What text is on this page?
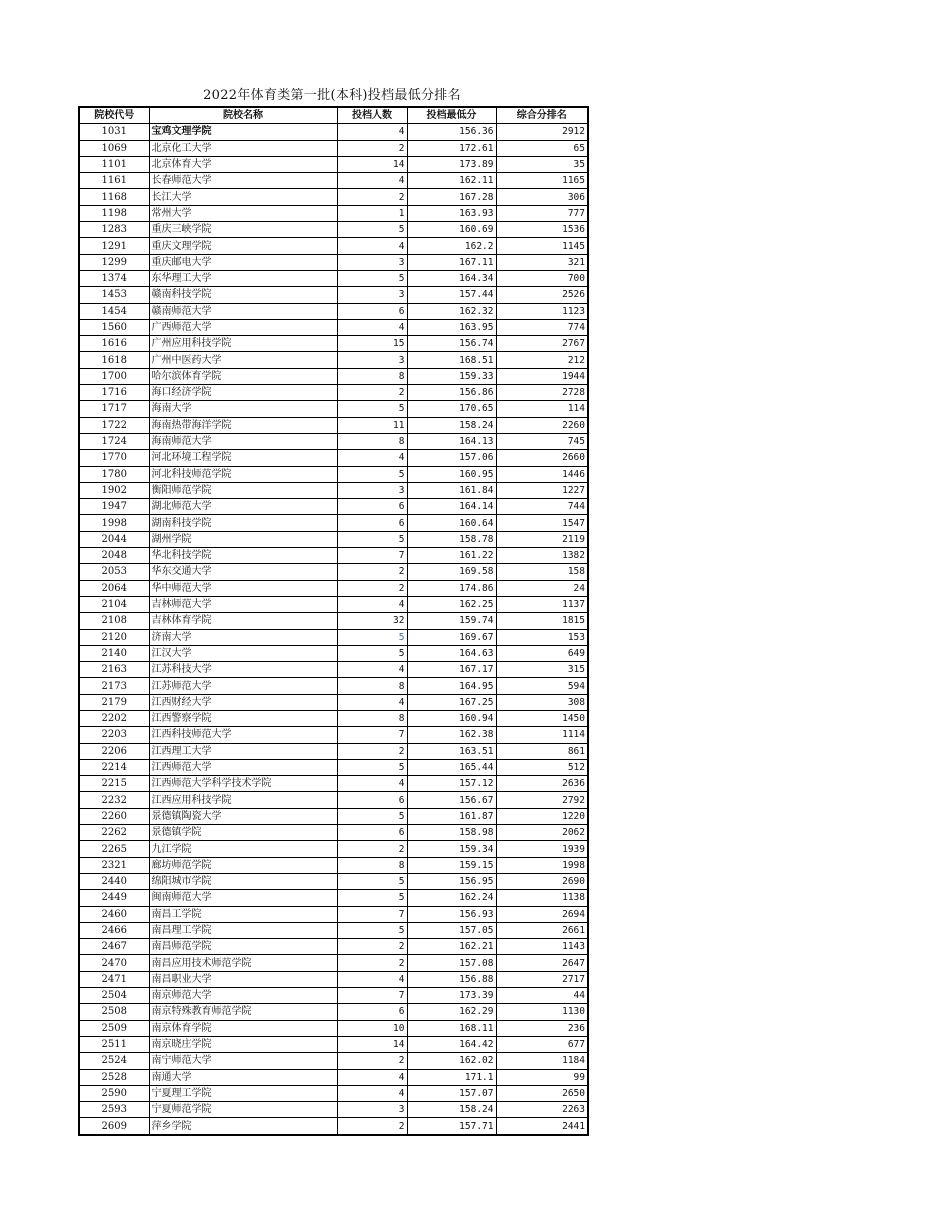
2022年体育类第一批(本科)投档最低分排名
院校代号	院校名称	投档人数	投档最低分	综合分排名
1031	宝鸡文理学院	4	156.36	2912
1069	北京化工大学	2	172.61	65
1101	北京体育大学	14	173.89	35
1161	长春师范大学	4	162.11	1165
1168	长江大学	2	167.28	306
1198	常州大学	1	163.93	777
1283	重庆三峡学院	5	160.69	1536
1291	重庆文理学院	4	162.2	1145
1299	重庆邮电大学	3	167.11	321
1374	东华理工大学	5	164.34	700
1453	赣南科技学院	3	157.44	2526
1454	赣南师范大学	6	162.32	1123
1560	广西师范大学	4	163.95	774
1616	广州应用科技学院	15	156.74	2767
1618	广州中医药大学	3	168.51	212
1700	哈尔滨体育学院	8	159.33	1944
1716	海口经济学院	2	156.86	2728
1717	海南大学	5	170.65	114
1722	海南热带海洋学院	11	158.24	2260
1724	海南师范大学	8	164.13	745
1770	河北环境工程学院	4	157.06	2660
1780	河北科技师范学院	5	160.95	1446
1902	衡阳师范学院	3	161.84	1227
1947	湖北师范大学	6	164.14	744
1998	湖南科技学院	6	160.64	1547
2044	湖州学院	5	158.78	2119
2048	华北科技学院	7	161.22	1382
2053	华东交通大学	2	169.58	158
2064	华中师范大学	2	174.86	24
2104	吉林师范大学	4	162.25	1137
2108	吉林体育学院	32	159.74	1815
2120	济南大学	5	169.67	153
2140	江汉大学	5	164.63	649
2163	江苏科技大学	4	167.17	315
2173	江苏师范大学	8	164.95	594
2179	江西财经大学	4	167.25	308
2202	江西警察学院	8	160.94	1450
2203	江西科技师范大学	7	162.38	1114
2206	江西理工大学	2	163.51	861
2214	江西师范大学	5	165.44	512
2215	江西师范大学科学技术学院	4	157.12	2636
2232	江西应用科技学院	6	156.67	2792
2260	景德镇陶瓷大学	5	161.87	1220
2262	景德镇学院	6	158.98	2062
2265	九江学院	2	159.34	1939
2321	廊坊师范学院	8	159.15	1998
2440	绵阳城市学院	5	156.95	2690
2449	闽南师范大学	5	162.24	1138
2460	南昌工学院	7	156.93	2694
2466	南昌理工学院	5	157.05	2661
2467	南昌师范学院	2	162.21	1143
2470	南昌应用技术师范学院	2	157.08	2647
2471	南昌职业大学	4	156.88	2717
2504	南京师范大学	7	173.39	44
2508	南京特殊教育师范学院	6	162.29	1130
2509	南京体育学院	10	168.11	236
2511	南京晓庄学院	14	164.42	677
2524	南宁师范大学	2	162.02	1184
2528	南通大学	4	171.1	99
2590	宁夏理工学院	4	157.07	2650
2593	宁夏师范学院	3	158.24	2263
2609	萍乡学院	2	157.71	2441
